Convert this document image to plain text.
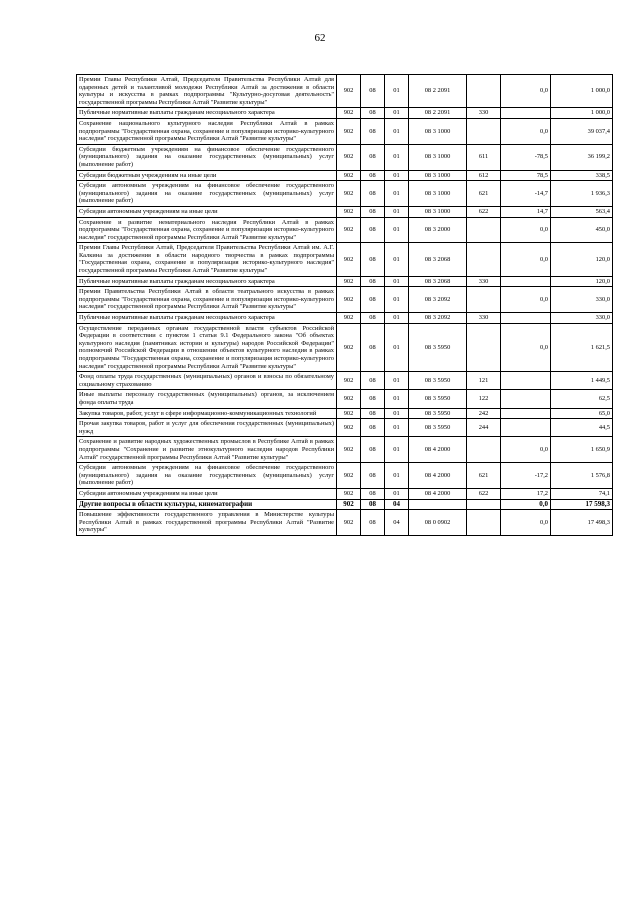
62
Премии Главы Республики Алтай, Председателя Правительства Республики Алтай для одаренных детей и талантливой молодежи Республики Алтай за достижения в области культуры и искусства в рамках подпрограммы "Культурно-досуговая деятельность" государственной программы Республики Алтай "Развитие культуры"	902	08	01	08 2 2091		0,0	1 000,0
Публичные нормативные выплаты гражданам несоциального характера	902	08	01	08 2 2091	330		1 000,0
Сохранение национального культурного наследия Республики Алтай в рамках подпрограммы "Государственная охрана, сохранение и популяризация историко-культурного наследия" государственной программы Республики Алтай "Развитие культуры"	902	08	01	08 3 1000		0,0	39 037,4
Субсидии бюджетным учреждениям на финансовое обеспечение государственного (муниципального) задания на оказание государственных (муниципальных) услуг (выполнение работ)	902	08	01	08 3 1000	611	-78,5	36 199,2
Субсидии бюджетным учреждениям на иные цели	902	08	01	08 3 1000	612	78,5	338,5
Субсидии автономным учреждениям на финансовое обеспечение государственного (муниципального) задания на оказание государственных (муниципальных) услуг (выполнение работ)	902	08	01	08 3 1000	621	-14,7	1 936,3
Субсидии автономным учреждениям на иные цели	902	08	01	08 3 1000	622	14,7	563,4
Сохранение и развитие нематериального наследия Республики Алтай в рамках подпрограммы "Государственная охрана, сохранение и популяризация историко-культурного наследия" государственной программы Республики Алтай "Развитие культуры"	902	08	01	08 3 2000		0,0	450,0
Премии Главы Республики Алтай, Председателя Правительства Республики Алтай им. А.Г. Калкина за достижения в области народного творчества в рамках подпрограммы "Государственная охрана, сохранение и популяризация историко-культурного наследия" государственной программы Республики Алтай "Развитие культуры"	902	08	01	08 3 2068		0,0	120,0
Публичные нормативные выплаты гражданам несоциального характера	902	08	01	08 3 2068	330		120,0
Премии Правительства Республики Алтай в области театрального искусства в рамках подпрограммы "Государственная охрана, сохранение и популяризация историко-культурного наследия" государственной программы Республики Алтай "Развитие культуры"	902	08	01	08 3 2092		0,0	330,0
Публичные нормативные выплаты гражданам несоциального характера	902	08	01	08 3 2092	330		330,0
Осуществление переданных органам государственной власти субъектов Российской Федерации в соответствии с пунктом 1 статьи 9.1 Федерального закона "Об объектах культурного наследия (памятниках истории и культуры) народов Российской Федерации" полномочий Российской Федерации в отношении объектов культурного наследия в рамках подпрограммы "Государственная охрана, сохранение и популяризация историко-культурного наследия" государственной программы Республики Алтай "Развитие культуры"	902	08	01	08 3 5950		0,0	1 621,5
Фонд оплаты труда государственных (муниципальных) органов и взносы по обязательному социальному страхованию	902	08	01	08 3 5950	121		1 449,5
Иные выплаты персоналу государственных (муниципальных) органов, за исключением фонда оплаты труда	902	08	01	08 3 5950	122		62,5
Закупка товаров, работ, услуг в сфере информационно-коммуникационных технологий	902	08	01	08 3 5950	242		65,0
Прочая закупка товаров, работ и услуг для обеспечения государственных (муниципальных) нужд	902	08	01	08 3 5950	244		44,5
Сохранение и развитие народных художественных промыслов в Республике Алтай в рамках подпрограммы "Сохранение и развитие этнокультурного наследия народов Республики Алтай" государственной программы Республики Алтай "Развитие культуры"	902	08	01	08 4 2000		0,0	1 650,9
Субсидии автономным учреждениям на финансовое обеспечение государственного (муниципального) задания на оказание государственных (муниципальных) услуг (выполнение работ)	902	08	01	08 4 2000	621	-17,2	1 576,8
Субсидии автономным учреждениям на иные цели	902	08	01	08 4 2000	622	17,2	74,1
Другие вопросы в области культуры, кинематографии	902	08	04			0,0	17 598,3
Повышение эффективности государственного управления в Министерстве культуры Республики Алтай в рамках государственной программы Республики Алтай "Развитие культуры"	902	08	04	08 0 0902		0,0	17 498,3
